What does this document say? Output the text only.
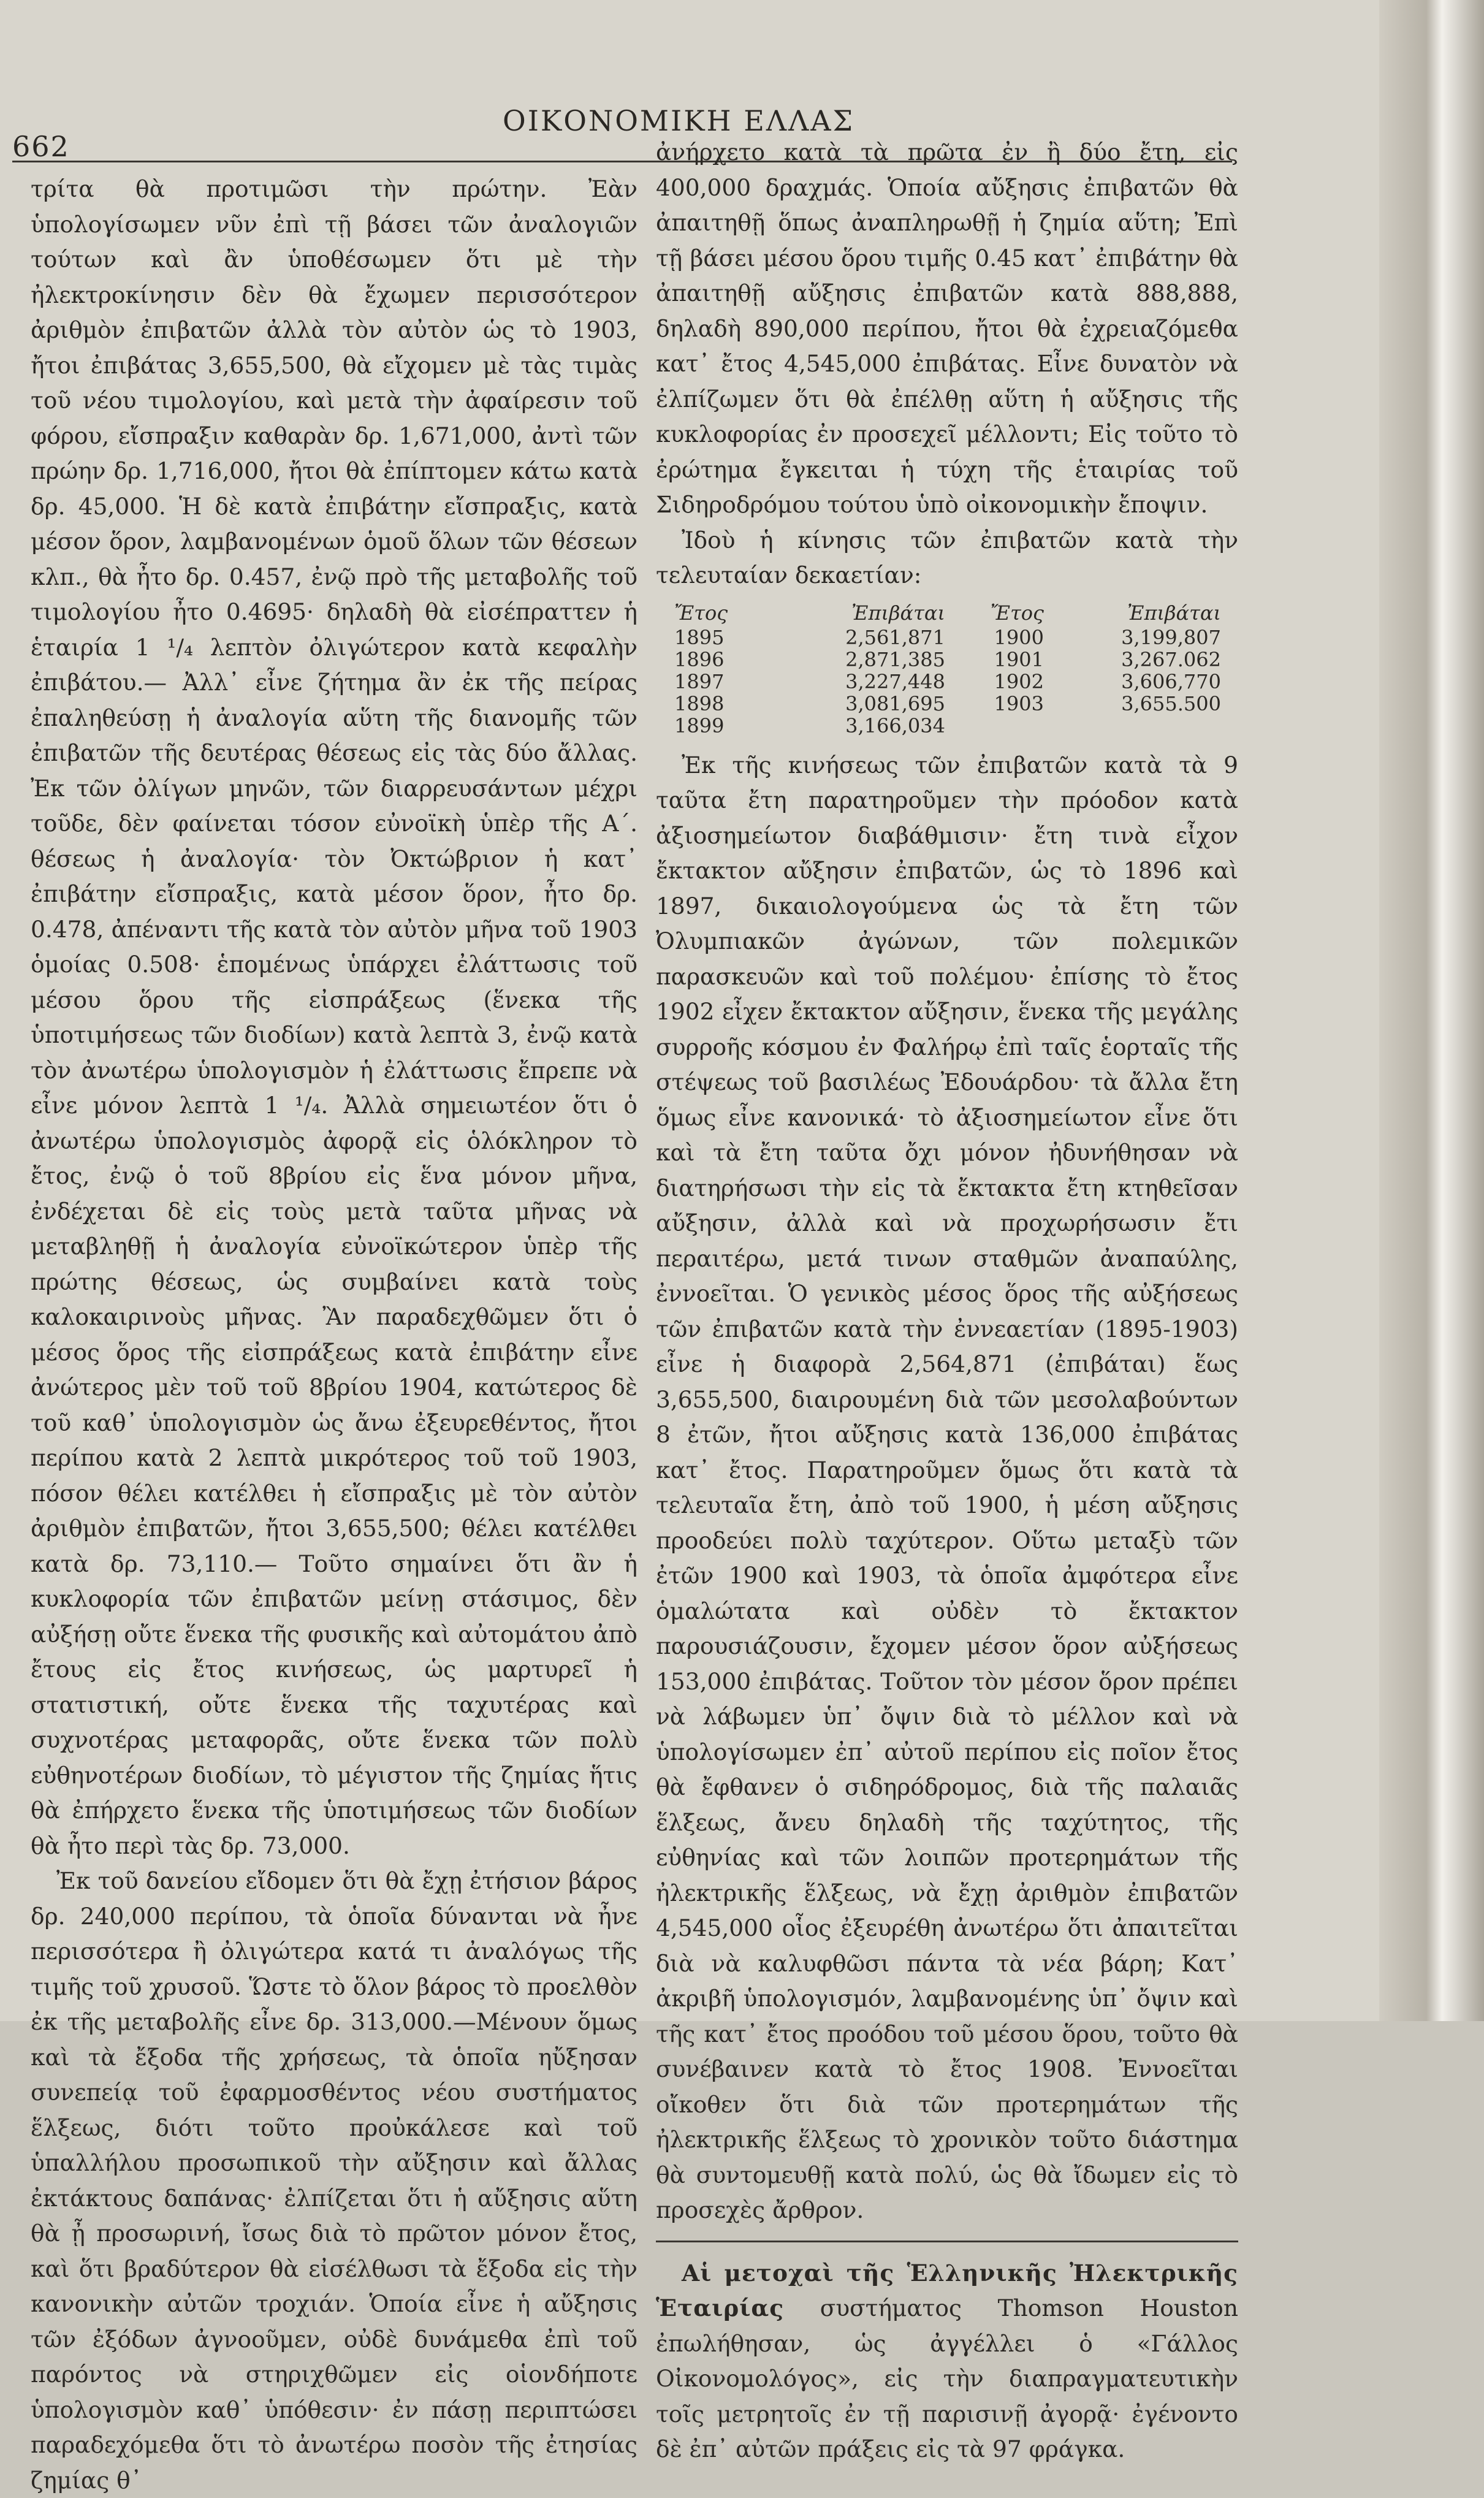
662
ΟΙΚΟΝΟΜΙΚΗ ΕΛΛΑΣ

τρίτα θὰ προτιμῶσι τὴν πρώτην. Ἐὰν ὑπολογίσωμεν νῦν ἐπὶ τῇ βάσει τῶν ἀναλογιῶν τούτων καὶ ἂν ὑποθέσωμεν ὅτι μὲ τὴν ἠλεκτροκίνησιν δὲν θὰ ἔχωμεν περισσότερον ἀριθμὸν ἐπιβατῶν ἀλλὰ τὸν αὐτὸν ὡς τὸ 1903, ἤτοι ἐπιβάτας 3,655,500, θὰ εἴχομεν μὲ τὰς τιμὰς τοῦ νέου τιμολογίου, καὶ μετὰ τὴν ἀφαίρεσιν τοῦ φόρου, εἴσπραξιν καθαρὰν δρ. 1,671,000, ἀντὶ τῶν πρώην δρ. 1,716,000, ἤτοι θὰ ἐπίπτομεν κάτω κατὰ δρ. 45,000. Ἡ δὲ κατὰ ἐπιβάτην εἴσπραξις, κατὰ μέσον ὅρον, λαμβανομένων ὁμοῦ ὅλων τῶν θέσεων κλπ., θὰ ἦτο δρ. 0.457, ἐνῷ πρὸ τῆς μεταβολῆς τοῦ τιμολογίου ἦτο 0.4695· δηλαδὴ θὰ εἰσέπραττεν ἡ ἑταιρία 1 ¹/₄ λεπτὸν ὀλιγώτερον κατὰ κεφαλὴν ἐπιβάτου.— Ἀλλ᾽ εἶνε ζήτημα ἂν ἐκ τῆς πείρας ἐπαληθεύσῃ ἡ ἀναλογία αὕτη τῆς διανομῆς τῶν ἐπιβατῶν τῆς δευτέρας θέσεως εἰς τὰς δύο ἄλλας. Ἐκ τῶν ὀλίγων μηνῶν, τῶν διαρρευσάντων μέχρι τοῦδε, δὲν φαίνεται τόσον εὐνοϊκὴ ὑπὲρ τῆς Α΄. θέσεως ἡ ἀναλογία· τὸν Ὀκτώβριον ἡ κατ᾽ ἐπιβάτην εἴσπραξις, κατὰ μέσον ὅρον, ἦτο δρ. 0.478, ἀπέναντι τῆς κατὰ τὸν αὐτὸν μῆνα τοῦ 1903 ὁμοίας 0.508· ἑπομένως ὑπάρχει ἐλάττωσις τοῦ μέσου ὅρου τῆς εἰσπράξεως (ἕνεκα τῆς ὑποτιμήσεως τῶν διοδίων) κατὰ λεπτὰ 3, ἐνῷ κατὰ τὸν ἀνωτέρω ὑπολογισμὸν ἡ ἐλάττωσις ἔπρεπε νὰ εἶνε μόνον λεπτὰ 1 ¹/₄. Ἀλλὰ σημειωτέον ὅτι ὁ ἀνωτέρω ὑπολογισμὸς ἀφορᾷ εἰς ὁλόκληρον τὸ ἔτος, ἐνῷ ὁ τοῦ 8βρίου εἰς ἕνα μόνον μῆνα, ἐνδέχεται δὲ εἰς τοὺς μετὰ ταῦτα μῆνας νὰ μεταβληθῇ ἡ ἀναλογία εὐνοϊκώτερον ὑπὲρ τῆς πρώτης θέσεως, ὡς συμβαίνει κατὰ τοὺς καλοκαιρινοὺς μῆνας. Ἂν παραδεχθῶμεν ὅτι ὁ μέσος ὅρος τῆς εἰσπράξεως κατὰ ἐπιβάτην εἶνε ἀνώτερος μὲν τοῦ τοῦ 8βρίου 1904, κατώτερος δὲ τοῦ καθ᾽ ὑπολογισμὸν ὡς ἄνω ἐξευρεθέντος, ἤτοι περίπου κατὰ 2 λεπτὰ μικρότερος τοῦ τοῦ 1903, πόσον θέλει κατέλθει ἡ εἴσπραξις μὲ τὸν αὐτὸν ἀριθμὸν ἐπιβατῶν, ἤτοι 3,655,500; θέλει κατέλθει κατὰ δρ. 73,110.— Τοῦτο σημαίνει ὅτι ἂν ἡ κυκλοφορία τῶν ἐπιβατῶν μείνῃ στάσιμος, δὲν αὐξήσῃ οὔτε ἕνεκα τῆς φυσικῆς καὶ αὐτομάτου ἀπὸ ἔτους εἰς ἔτος κινήσεως, ὡς μαρτυρεῖ ἡ στατιστική, οὔτε ἕνεκα τῆς ταχυτέρας καὶ συχνοτέρας μεταφορᾶς, οὔτε ἕνεκα τῶν πολὺ εὐθηνοτέρων διοδίων, τὸ μέγιστον τῆς ζημίας ἥτις θὰ ἐπήρχετο ἕνεκα τῆς ὑποτιμήσεως τῶν διοδίων θὰ ἦτο περὶ τὰς δρ. 73,000.

Ἐκ τοῦ δανείου εἴδομεν ὅτι θὰ ἔχῃ ἐτήσιον βάρος δρ. 240,000 περίπου, τὰ ὁποῖα δύνανται νὰ ἦνε περισσότερα ἢ ὀλιγώτερα κατά τι ἀναλόγως τῆς τιμῆς τοῦ χρυσοῦ. Ὥστε τὸ ὅλον βάρος τὸ προελθὸν ἐκ τῆς μεταβολῆς εἶνε δρ. 313,000.—Μένουν ὅμως καὶ τὰ ἔξοδα τῆς χρήσεως, τὰ ὁποῖα ηὔξησαν συνεπείᾳ τοῦ ἐφαρμοσθέντος νέου συστήματος ἕλξεως, διότι τοῦτο προὐκάλεσε καὶ τοῦ ὑπαλλήλου προσωπικοῦ τὴν αὔξησιν καὶ ἄλλας ἐκτάκτους δαπάνας· ἐλπίζεται ὅτι ἡ αὔξησις αὕτη θὰ ᾖ προσωρινή, ἴσως διὰ τὸ πρῶτον μόνον ἔτος, καὶ ὅτι βραδύτερον θὰ εἰσέλθωσι τὰ ἔξοδα εἰς τὴν κανονικὴν αὐτῶν τροχιάν. Ὁποία εἶνε ἡ αὔξησις τῶν ἐξόδων ἀγνοοῦμεν, οὐδὲ δυνάμεθα ἐπὶ τοῦ παρόντος νὰ στηριχθῶμεν εἰς οἱονδήποτε ὑπολογισμὸν καθ᾽ ὑπόθεσιν· ἐν πάσῃ περιπτώσει παραδεχόμεθα ὅτι τὸ ἀνωτέρω ποσὸν τῆς ἐτησίας ζημίας θ᾽

ἀνήρχετο κατὰ τὰ πρῶτα ἐν ἢ δύο ἔτη, εἰς 400,000 δραχμάς. Ὁποία αὔξησις ἐπιβατῶν θὰ ἀπαιτηθῇ ὅπως ἀναπληρωθῇ ἡ ζημία αὕτη; Ἐπὶ τῇ βάσει μέσου ὅρου τιμῆς 0.45 κατ᾽ ἐπιβάτην θὰ ἀπαιτηθῇ αὔξησις ἐπιβατῶν κατὰ 888,888, δηλαδὴ 890,000 περίπου, ἤτοι θὰ ἐχρειαζόμεθα κατ᾽ ἔτος 4,545,000 ἐπιβάτας. Εἶνε δυνατὸν νὰ ἐλπίζωμεν ὅτι θὰ ἐπέλθῃ αὕτη ἡ αὔξησις τῆς κυκλοφορίας ἐν προσεχεῖ μέλλοντι; Εἰς τοῦτο τὸ ἐρώτημα ἔγκειται ἡ τύχη τῆς ἑταιρίας τοῦ Σιδηροδρόμου τούτου ὑπὸ οἰκονομικὴν ἔποψιν.

Ἰδοὺ ἡ κίνησις τῶν ἐπιβατῶν κατὰ τὴν τελευταίαν δεκαετίαν:

Ἔτος	Ἐπιβάται	Ἔτος	Ἐπιβάται
1895	2,561,871	1900	3,199,807
1896	2,871,385	1901	3,267.062
1897	3,227,448	1902	3,606,770
1898	3,081,695	1903	3,655.500
1899	3,166,034		

Ἐκ τῆς κινήσεως τῶν ἐπιβατῶν κατὰ τὰ 9 ταῦτα ἔτη παρατηροῦμεν τὴν πρόοδον κατὰ ἀξιοσημείωτον διαβάθμισιν· ἔτη τινὰ εἶχον ἔκτακτον αὔξησιν ἐπιβατῶν, ὡς τὸ 1896 καὶ 1897, δικαιολογούμενα ὡς τὰ ἔτη τῶν Ὀλυμπιακῶν ἀγώνων, τῶν πολεμικῶν παρασκευῶν καὶ τοῦ πολέμου· ἐπίσης τὸ ἔτος 1902 εἶχεν ἔκτακτον αὔξησιν, ἕνεκα τῆς μεγάλης συρροῆς κόσμου ἐν Φαλήρῳ ἐπὶ ταῖς ἑορταῖς τῆς στέψεως τοῦ βασιλέως Ἐδουάρδου· τὰ ἄλλα ἔτη ὅμως εἶνε κανονικά· τὸ ἀξιοσημείωτον εἶνε ὅτι καὶ τὰ ἔτη ταῦτα ὄχι μόνον ἠδυνήθησαν νὰ διατηρήσωσι τὴν εἰς τὰ ἔκτακτα ἔτη κτηθεῖσαν αὔξησιν, ἀλλὰ καὶ νὰ προχωρήσωσιν ἔτι περαιτέρω, μετά τινων σταθμῶν ἀναπαύλης, ἐννοεῖται. Ὁ γενικὸς μέσος ὅρος τῆς αὐξήσεως τῶν ἐπιβατῶν κατὰ τὴν ἐννεαετίαν (1895-1903) εἶνε ἡ διαφορὰ 2,564,871 (ἐπιβάται) ἕως 3,655,500, διαιρουμένη διὰ τῶν μεσολαβούντων 8 ἐτῶν, ἤτοι αὔξησις κατὰ 136,000 ἐπιβάτας κατ᾽ ἔτος. Παρατηροῦμεν ὅμως ὅτι κατὰ τὰ τελευταῖα ἔτη, ἀπὸ τοῦ 1900, ἡ μέση αὔξησις προοδεύει πολὺ ταχύτερον. Οὕτω μεταξὺ τῶν ἐτῶν 1900 καὶ 1903, τὰ ὁποῖα ἀμφότερα εἶνε ὁμαλώτατα καὶ οὐδὲν τὸ ἔκτακτον παρουσιάζουσιν, ἔχομεν μέσον ὅρον αὐξήσεως 153,000 ἐπιβάτας. Τοῦτον τὸν μέσον ὅρον πρέπει νὰ λάβωμεν ὑπ᾽ ὄψιν διὰ τὸ μέλλον καὶ νὰ ὑπολογίσωμεν ἐπ᾽ αὐτοῦ περίπου εἰς ποῖον ἔτος θὰ ἔφθανεν ὁ σιδηρόδρομος, διὰ τῆς παλαιᾶς ἕλξεως, ἄνευ δηλαδὴ τῆς ταχύτητος, τῆς εὐθηνίας καὶ τῶν λοιπῶν προτερημάτων τῆς ἠλεκτρικῆς ἕλξεως, νὰ ἔχῃ ἀριθμὸν ἐπιβατῶν 4,545,000 οἷος ἐξευρέθη ἀνωτέρω ὅτι ἀπαιτεῖται διὰ νὰ καλυφθῶσι πάντα τὰ νέα βάρη; Κατ᾽ ἀκριβῆ ὑπολογισμόν, λαμβανομένης ὑπ᾽ ὄψιν καὶ τῆς κατ᾽ ἔτος προόδου τοῦ μέσου ὅρου, τοῦτο θὰ συνέβαινεν κατὰ τὸ ἔτος 1908. Ἐννοεῖται οἴκοθεν ὅτι διὰ τῶν προτερημάτων τῆς ἠλεκτρικῆς ἕλξεως τὸ χρονικὸν τοῦτο διάστημα θὰ συντομευθῇ κατὰ πολύ, ὡς θὰ ἴδωμεν εἰς τὸ προσεχὲς ἄρθρον.

Αἱ μετοχαὶ τῆς Ἑλληνικῆς Ἠλεκτρικῆς Ἑταιρίας συστήματος Thomson Houston ἐπωλήθησαν, ὡς ἀγγέλλει ὁ «Γάλλος Οἰκονομολόγος», εἰς τὴν διαπραγματευτικὴν τοῖς μετρητοῖς ἐν τῇ παρισινῇ ἀγορᾷ· ἐγένοντο δὲ ἐπ᾽ αὐτῶν πράξεις εἰς τὰ 97 φράγκα.
